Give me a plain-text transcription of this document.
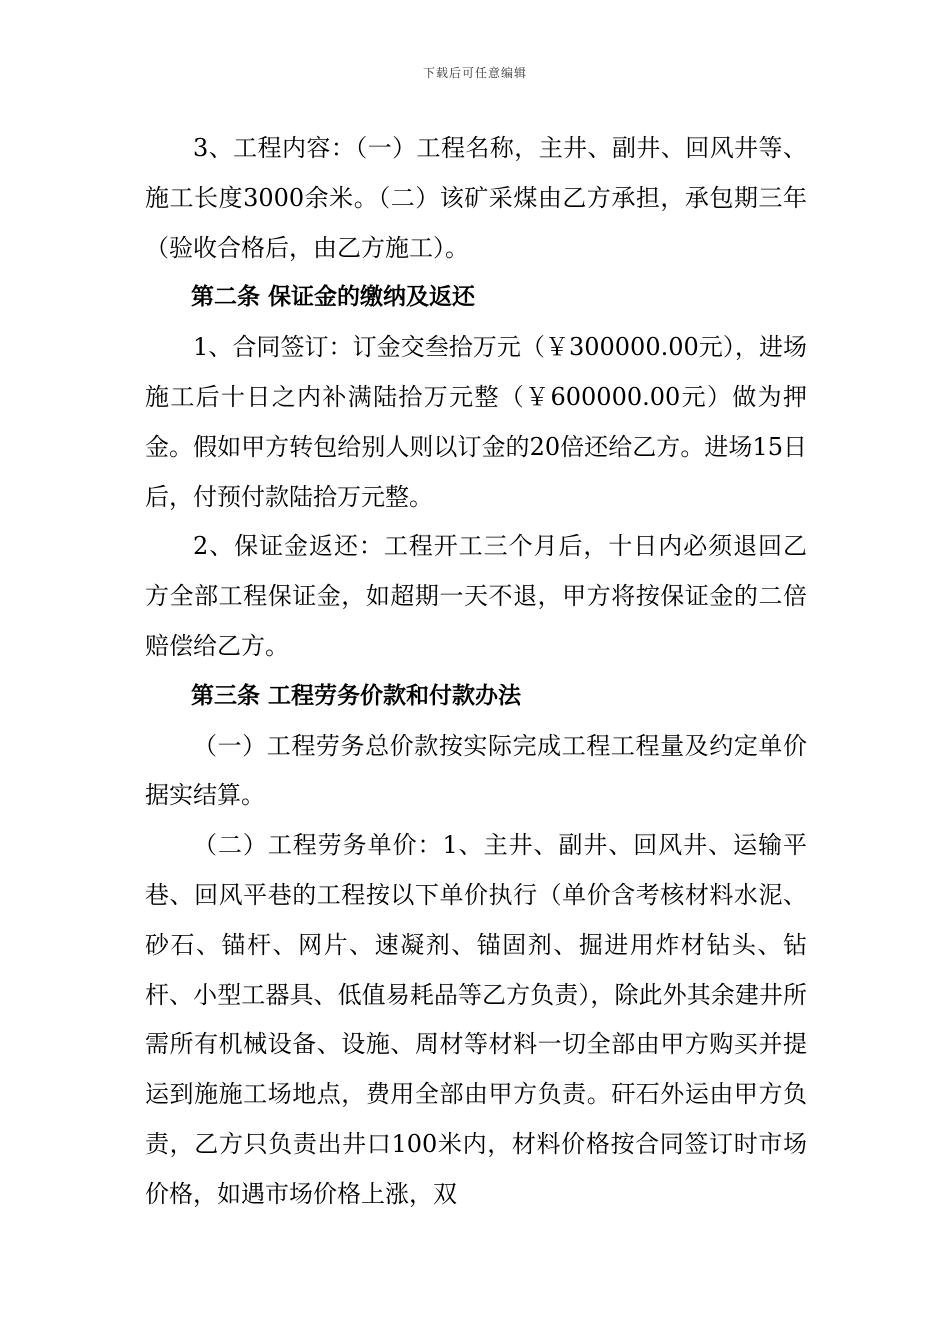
下载后可任意编辑

3、工程内容：（一）工程名称，主井、副井、回风井等、施工长度3000余米。（二）该矿采煤由乙方承担，承包期三年（验收合格后，由乙方施工）。

第二条 保证金的缴纳及返还

1、合同签订：订金交叁拾万元（￥300000.00元），进场施工后十日之内补满陆拾万元整（￥600000.00元）做为押金。假如甲方转包给别人则以订金的20倍还给乙方。进场15日后，付预付款陆拾万元整。

2、保证金返还：工程开工三个月后，十日内必须退回乙方全部工程保证金，如超期一天不退，甲方将按保证金的二倍赔偿给乙方。

第三条 工程劳务价款和付款办法

（一）工程劳务总价款按实际完成工程工程量及约定单价据实结算。

（二）工程劳务单价：1、主井、副井、回风井、运输平巷、回风平巷的工程按以下单价执行（单价含考核材料水泥、砂石、锚杆、网片、速凝剂、锚固剂、掘进用炸材钻头、钻杆、小型工器具、低值易耗品等乙方负责），除此外其余建井所需所有机械设备、设施、周材等材料一切全部由甲方购买并提运到施施工场地点，费用全部由甲方负责。矸石外运由甲方负责，乙方只负责出井口100米内，材料价格按合同签订时市场价格，如遇市场价格上涨，双
